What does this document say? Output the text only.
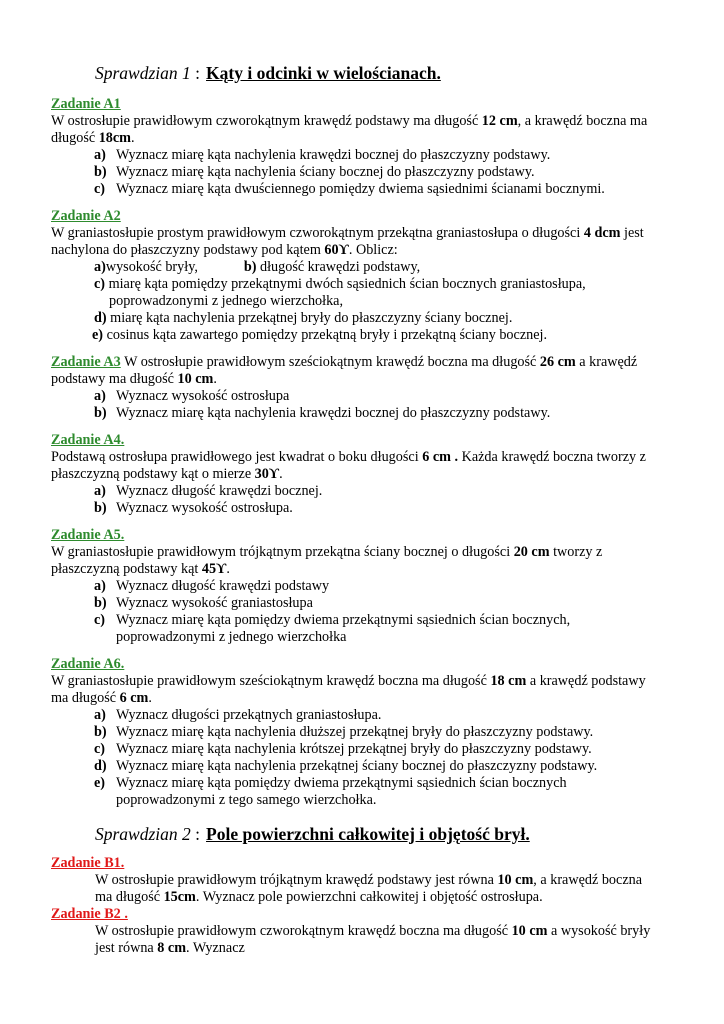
Sprawdzian 1 : Kąty i odcinki w wielościanach.
Zadanie A1

W ostrosłupie prawidłowym czworokątnym krawędź podstawy ma długość 12 cm, a krawędź boczna ma

długość 18cm.

a) Wyznacz miarę kąta nachylenia krawędzi bocznej do płaszczyzny podstawy.
b) Wyznacz miarę kąta nachylenia ściany bocznej do płaszczyzny podstawy.
c) Wyznacz miarę kąta dwuściennego pomiędzy dwiema sąsiednimi ścianami bocznymi.
Zadanie A2

W graniastosłupie prostym prawidłowym czworokątnym przekątna graniastosłupa o długości 4 dcm jest

nachylona do płaszczyzny podstawy pod kątem 60ϒ. Oblicz:

a)wysokość bryły,	b) długość krawędzi podstawy,
c) miarę kąta pomiędzy przekątnymi dwóch sąsiednich ścian bocznych graniastosłupa,
poprowadzonymi z jednego wierzchołka,
d) miarę kąta nachylenia przekątnej bryły do płaszczyzny ściany bocznej.
e) cosinus kąta zawartego pomiędzy przekątną bryły i przekątną ściany bocznej.

Zadanie A3 W ostrosłupie prawidłowym sześciokątnym krawędź boczna ma długość 26 cm a krawędź

podstawy ma długość 10 cm.

a) Wyznacz wysokość ostrosłupa
b) Wyznacz miarę kąta nachylenia krawędzi bocznej do płaszczyzny podstawy.
Zadanie A4.

Podstawą ostrosłupa prawidłowego jest kwadrat o boku długości 6 cm . Każda krawędź boczna tworzy z

płaszczyzną podstawy kąt o mierze 30ϒ.

a) Wyznacz długość krawędzi bocznej.
b) Wyznacz wysokość ostrosłupa.
Zadanie A5.

W graniastosłupie prawidłowym trójkątnym przekątna ściany bocznej o długości 20 cm tworzy z

płaszczyzną podstawy kąt 45ϒ.

a) Wyznacz długość krawędzi podstawy
b) Wyznacz wysokość graniastosłupa
c) Wyznacz miarę kąta pomiędzy dwiema przekątnymi sąsiednich ścian bocznych,
poprowadzonymi z jednego wierzchołka
Zadanie A6.

W graniastosłupie prawidłowym sześciokątnym krawędź boczna ma długość 18 cm a krawędź podstawy

ma długość 6 cm.

a) Wyznacz długości przekątnych graniastosłupa.
b) Wyznacz miarę kąta nachylenia dłuższej przekątnej bryły do płaszczyzny podstawy.
c) Wyznacz miarę kąta nachylenia krótszej przekątnej bryły do płaszczyzny podstawy.
d) Wyznacz miarę kąta nachylenia przekątnej ściany bocznej do płaszczyzny podstawy.
e) Wyznacz miarę kąta pomiędzy dwiema przekątnymi sąsiednich ścian bocznych
poprowadzonymi z tego samego wierzchołka.
Sprawdzian 2 : Pole powierzchni całkowitej i objętość brył.
Zadanie B1.

W ostrosłupie prawidłowym trójkątnym krawędź podstawy jest równa 10 cm, a krawędź boczna

ma długość 15cm. Wyznacz pole powierzchni całkowitej i objętość ostrosłupa.

Zadanie B2 .

W ostrosłupie prawidłowym czworokątnym krawędź boczna ma długość 10 cm a wysokość bryły

jest równa 8 cm. Wyznacz
